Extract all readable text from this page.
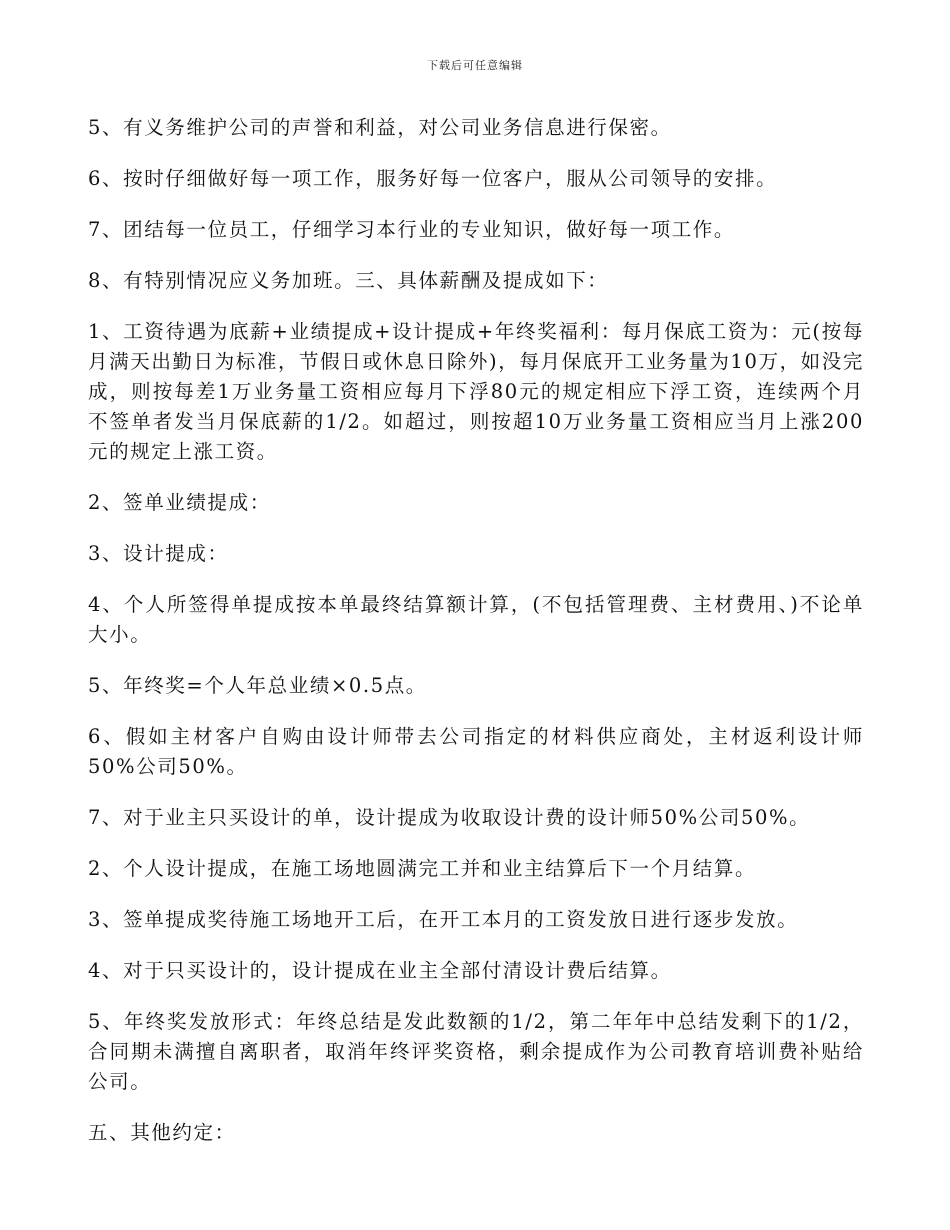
下载后可任意编辑

5、有义务维护公司的声誉和利益，对公司业务信息进行保密。

6、按时仔细做好每一项工作，服务好每一位客户，服从公司领导的安排。

7、团结每一位员工，仔细学习本行业的专业知识，做好每一项工作。

8、有特别情况应义务加班。三、具体薪酬及提成如下：

1、工资待遇为底薪+业绩提成+设计提成+年终奖福利：每月保底工资为：元(按每月满天出勤日为标准，节假日或休息日除外)，每月保底开工业务量为10万，如没完成，则按每差1万业务量工资相应每月下浮80元的规定相应下浮工资，连续两个月不签单者发当月保底薪的1/2。如超过，则按超10万业务量工资相应当月上涨200元的规定上涨工资。

2、签单业绩提成：

3、设计提成：

4、个人所签得单提成按本单最终结算额计算，(不包括管理费、主材费用、)不论单大小。

5、年终奖=个人年总业绩×0.5点。

6、假如主材客户自购由设计师带去公司指定的材料供应商处，主材返利设计师50%公司50%。

7、对于业主只买设计的单，设计提成为收取设计费的设计师50%公司50%。

2、个人设计提成，在施工场地圆满完工并和业主结算后下一个月结算。

3、签单提成奖待施工场地开工后，在开工本月的工资发放日进行逐步发放。

4、对于只买设计的，设计提成在业主全部付清设计费后结算。

5、年终奖发放形式：年终总结是发此数额的1/2，第二年年中总结发剩下的1/2，合同期未满擅自离职者，取消年终评奖资格，剩余提成作为公司教育培训费补贴给公司。

五、其他约定：
